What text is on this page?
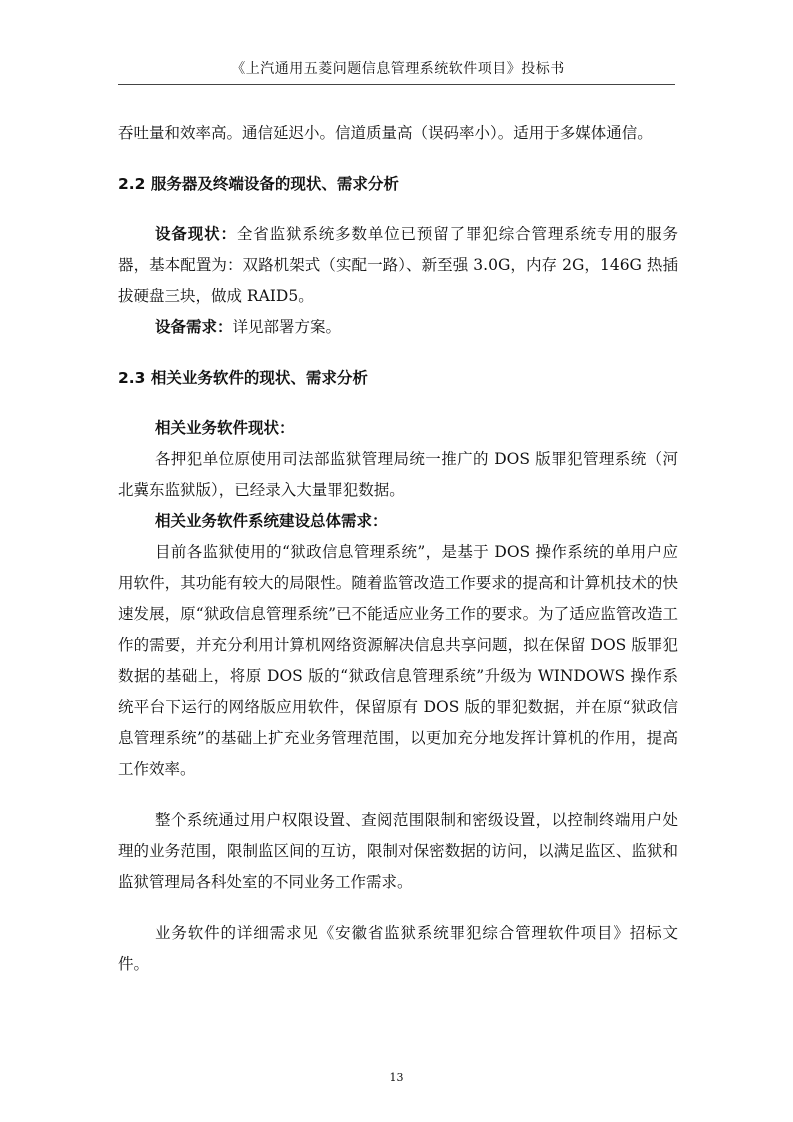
《上汽通用五菱问题信息管理系统软件项目》投标书

吞吐量和效率高。通信延迟小。信道质量高（误码率小）。适用于多媒体通信。

2.2 服务器及终端设备的现状、需求分析

设备现状：全省监狱系统多数单位已预留了罪犯综合管理系统专用的服务器，基本配置为：双路机架式（实配一路）、新至强 3.0G，内存 2G，146G 热插拔硬盘三块，做成 RAID5。

设备需求：详见部署方案。

2.3 相关业务软件的现状、需求分析

相关业务软件现状：

各押犯单位原使用司法部监狱管理局统一推广的 DOS 版罪犯管理系统（河北冀东监狱版），已经录入大量罪犯数据。

相关业务软件系统建设总体需求：

目前各监狱使用的“狱政信息管理系统”，是基于 DOS 操作系统的单用户应用软件，其功能有较大的局限性。随着监管改造工作要求的提高和计算机技术的快速发展，原“狱政信息管理系统”已不能适应业务工作的要求。为了适应监管改造工作的需要，并充分利用计算机网络资源解决信息共享问题，拟在保留 DOS 版罪犯数据的基础上，将原 DOS 版的“狱政信息管理系统”升级为 WINDOWS 操作系统平台下运行的网络版应用软件，保留原有 DOS 版的罪犯数据，并在原“狱政信息管理系统”的基础上扩充业务管理范围，以更加充分地发挥计算机的作用，提高工作效率。

整个系统通过用户权限设置、查阅范围限制和密级设置，以控制终端用户处理的业务范围，限制监区间的互访，限制对保密数据的访问，以满足监区、监狱和监狱管理局各科处室的不同业务工作需求。

业务软件的详细需求见《安徽省监狱系统罪犯综合管理软件项目》招标文件。

13
